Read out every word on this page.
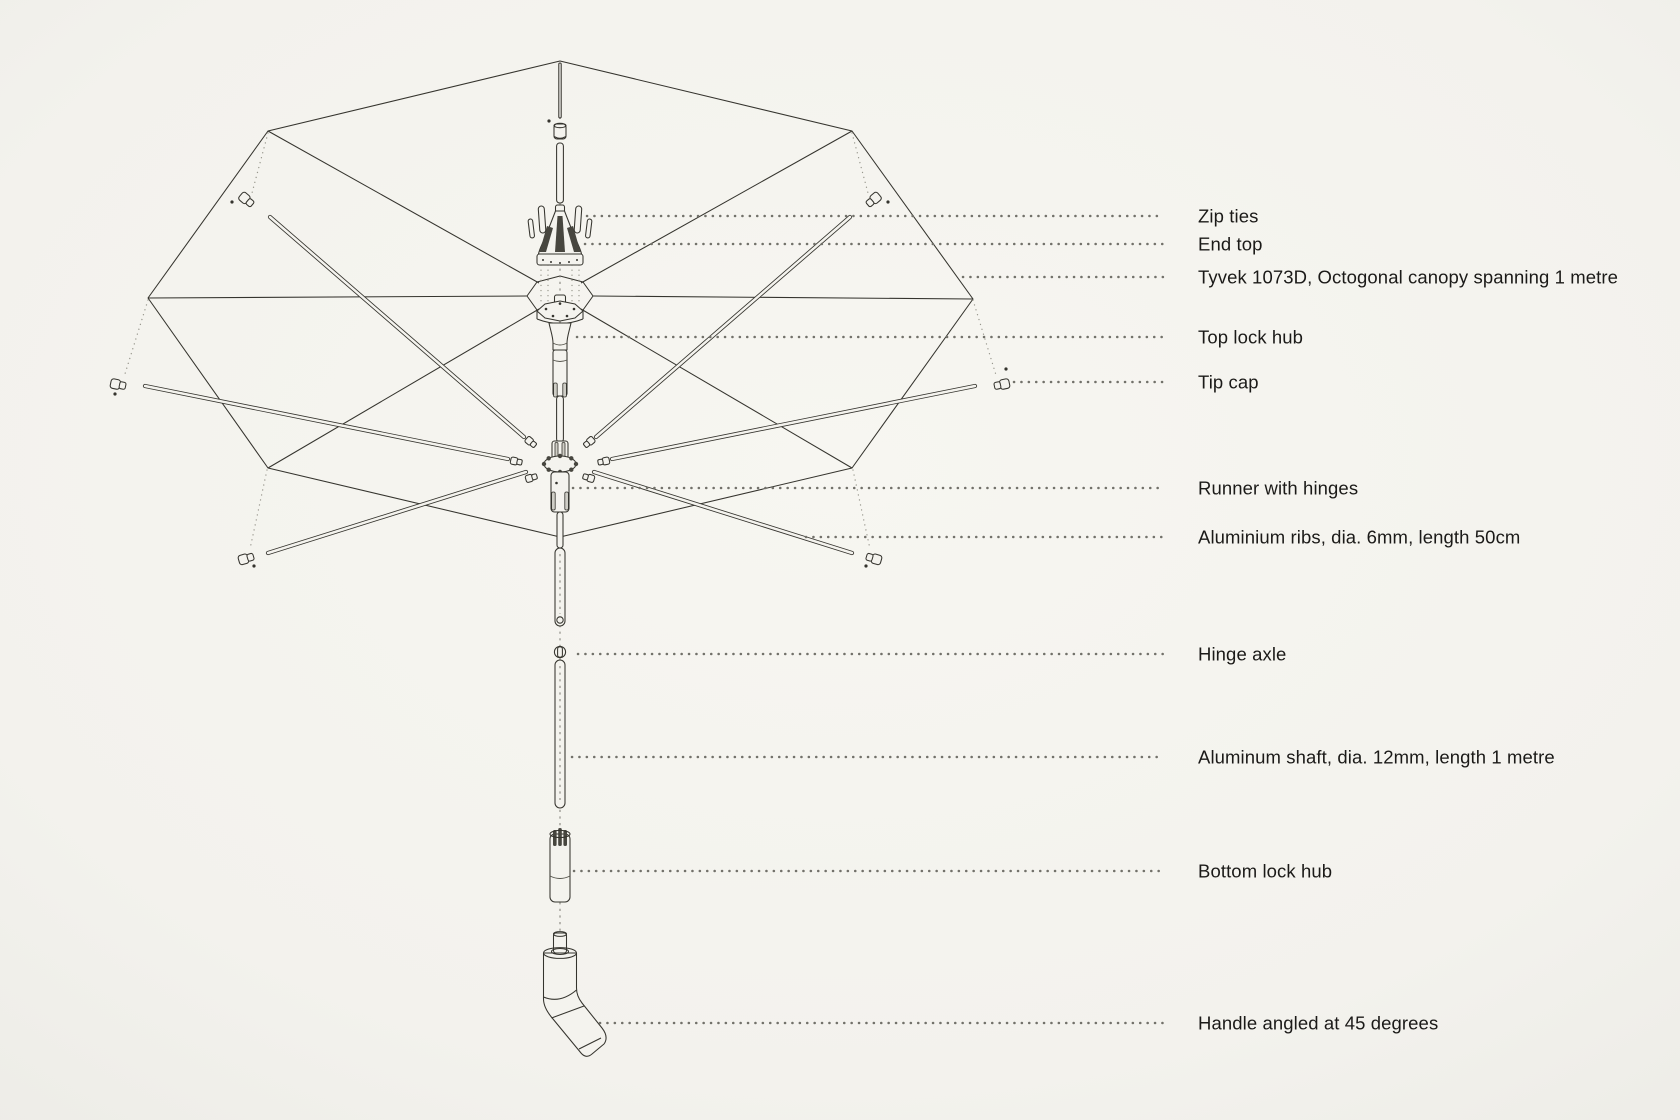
Zip ties
End top
Tyvek 1073D, Octogonal canopy spanning 1 metre
Top lock hub
Tip cap
Runner with hinges
Aluminium ribs, dia. 6mm, length 50cm
Hinge axle
Aluminum shaft, dia. 12mm, length 1 metre
Bottom lock hub
Handle angled at 45 degrees
